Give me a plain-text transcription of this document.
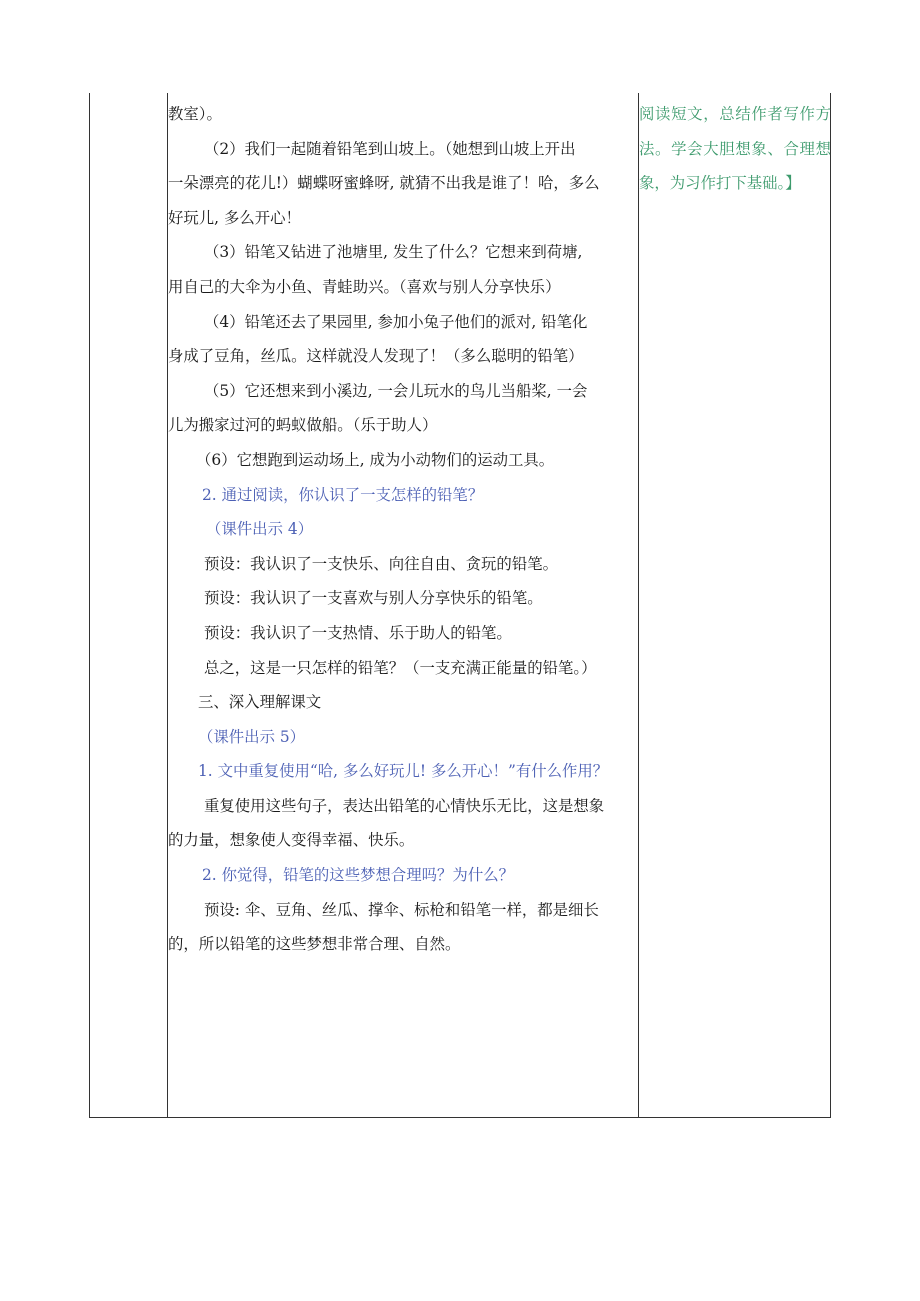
教室）。
（2）我们一起随着铅笔到山坡上。（她想到山坡上开出
一朵漂亮的花儿!）蝴蝶呀蜜蜂呀, 就猜不出我是谁了！哈，多么
好玩儿, 多么开心！
（3）铅笔又钻进了池塘里, 发生了什么？它想来到荷塘,
用自己的大伞为小鱼、青蛙助兴。（喜欢与别人分享快乐）
（4）铅笔还去了果园里, 参加小兔子他们的派对, 铅笔化
身成了豆角，丝瓜。这样就没人发现了！（多么聪明的铅笔）
（5）它还想来到小溪边, 一会儿玩水的鸟儿当船桨, 一会
儿为搬家过河的蚂蚁做船。（乐于助人）
（6）它想跑到运动场上, 成为小动物们的运动工具。
2. 通过阅读，你认识了一支怎样的铅笔？
（课件出示 4）
预设：我认识了一支快乐、向往自由、贪玩的铅笔。
预设：我认识了一支喜欢与别人分享快乐的铅笔。
预设：我认识了一支热情、乐于助人的铅笔。
总之，这是一只怎样的铅笔？（一支充满正能量的铅笔。）
三、深入理解课文
（课件出示 5）
1. 文中重复使用“哈, 多么好玩儿! 多么开心！”有什么作用？
重复使用这些句子，表达出铅笔的心情快乐无比，这是想象
的力量，想象使人变得幸福、快乐。
2. 你觉得，铅笔的这些梦想合理吗？为什么？
预设: 伞、豆角、丝瓜、撑伞、标枪和铅笔一样，都是细长
的，所以铅笔的这些梦想非常合理、自然。
阅读短文，总结作者写作方法。学会大胆想象、合理想象，为习作打下基础。】
